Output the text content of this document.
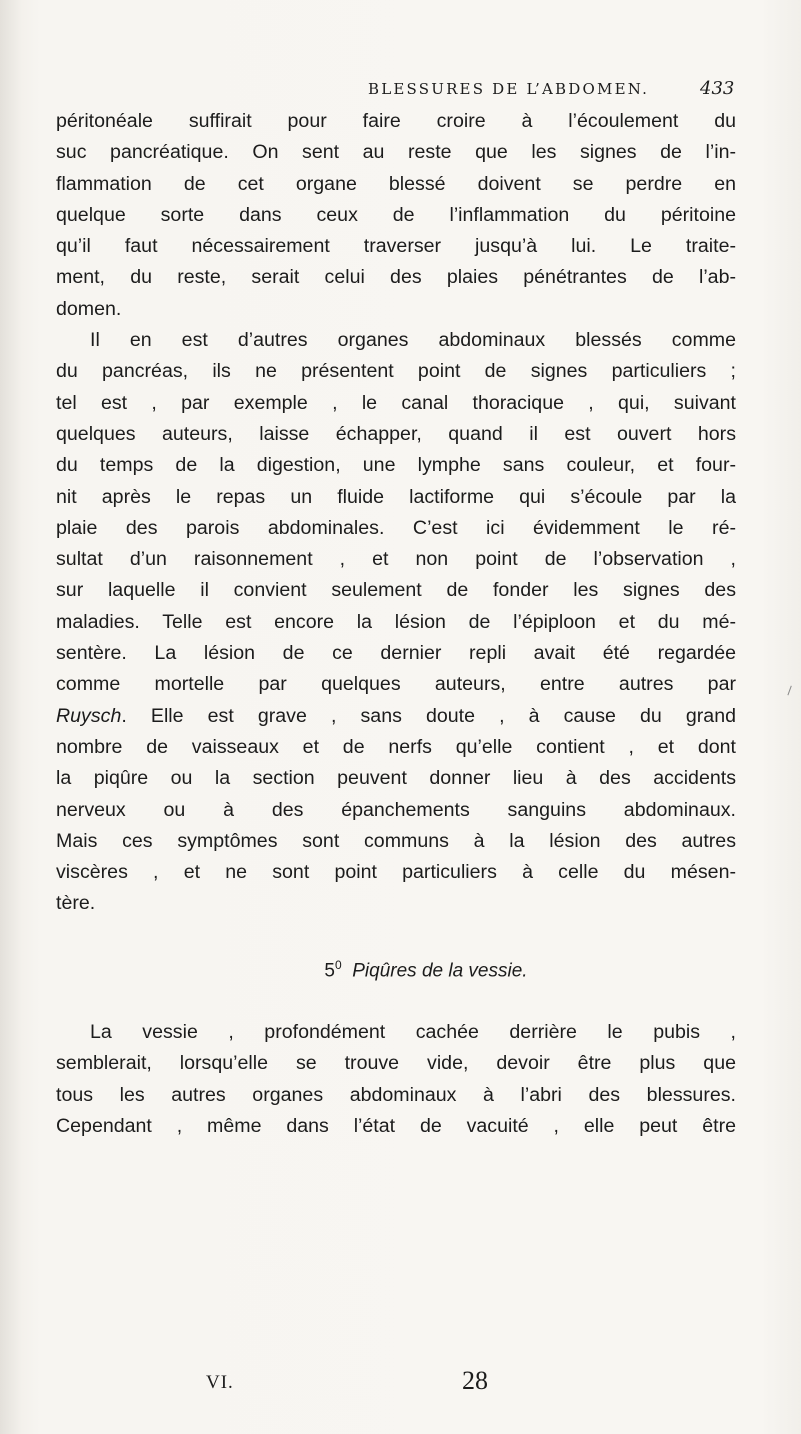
BLESSURES DE L’ABDOMEN.	433
péritonéale suffirait pour faire croire à l’écoulement du
suc pancréatique. On sent au reste que les signes de l’in-
flammation de cet organe blessé doivent se perdre en
quelque sorte dans ceux de l’inflammation du péritoine
qu’il faut nécessairement traverser jusqu’à lui. Le traite-
ment, du reste, serait celui des plaies pénétrantes de l’ab-
domen.
Il en est d’autres organes abdominaux blessés comme
du pancréas, ils ne présentent point de signes particuliers ;
tel est , par exemple , le canal thoracique , qui, suivant
quelques auteurs, laisse échapper, quand il est ouvert hors
du temps de la digestion, une lymphe sans couleur, et four-
nit après le repas un fluide lactiforme qui s’écoule par la
plaie des parois abdominales. C’est ici évidemment le ré-
sultat d’un raisonnement , et non point de l’observation ,
sur laquelle il convient seulement de fonder les signes des
maladies. Telle est encore la lésion de l’épiploon et du mé-
sentère. La lésion de ce dernier repli avait été regardée
comme mortelle par quelques auteurs, entre autres par
Ruysch. Elle est grave , sans doute , à cause du grand
nombre de vaisseaux et de nerfs qu’elle contient , et dont
la piqûre ou la section peuvent donner lieu à des accidents
nerveux ou à des épanchements sanguins abdominaux.
Mais ces symptômes sont communs à la lésion des autres
viscères , et ne sont point particuliers à celle du mésen-
tère.
$5^0$ Piqûres de la vessie.
La vessie , profondément cachée derrière le pubis ,
semblerait, lorsqu’elle se trouve vide, devoir être plus que
tous les autres organes abdominaux à l’abri des blessures.
Cependant , même dans l’état de vacuité , elle peut être
VI.	28
